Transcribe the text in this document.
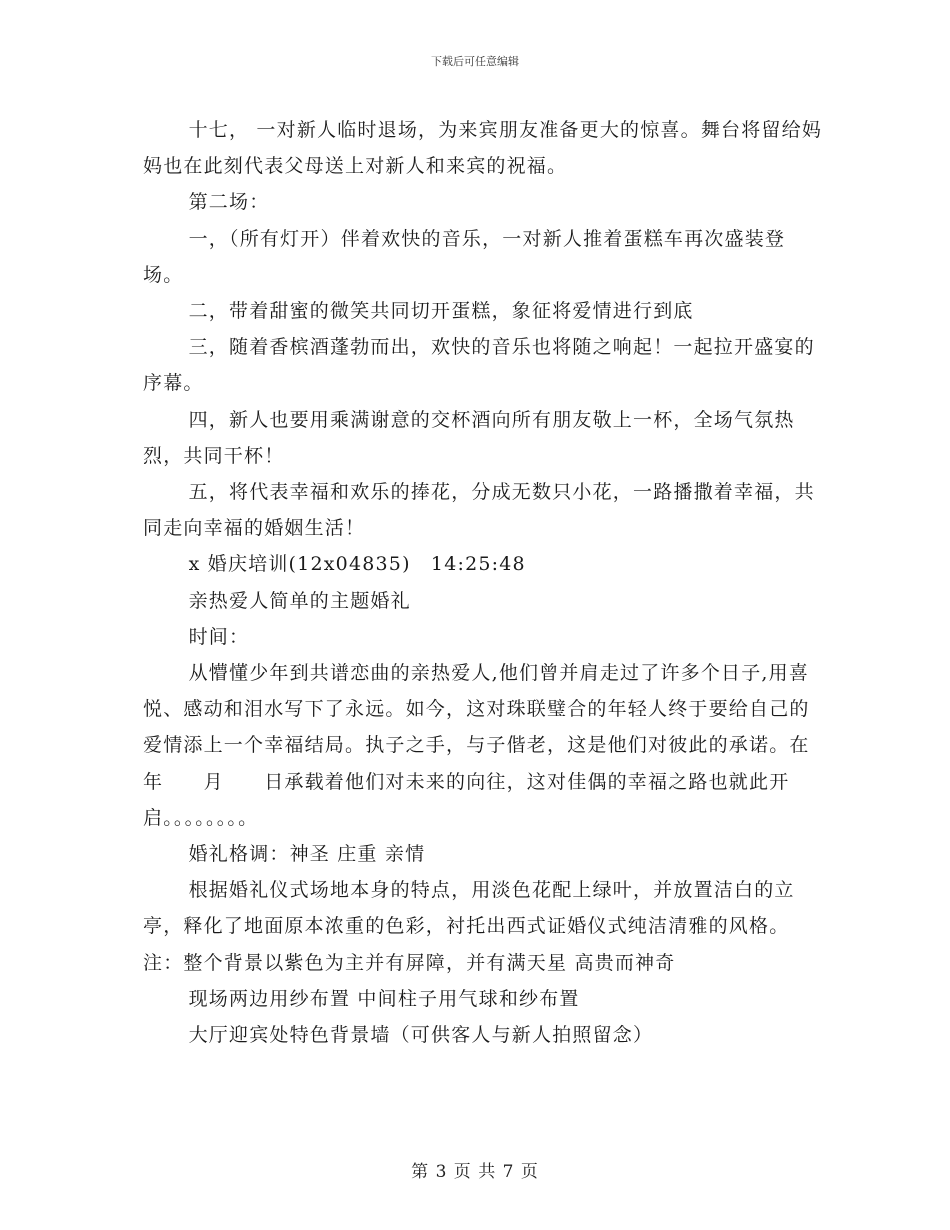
下载后可任意编辑

十七， 一对新人临时退场，为来宾朋友准备更大的惊喜。舞台将留给妈妈也在此刻代表父母送上对新人和来宾的祝福。

第二场：

一，（所有灯开）伴着欢快的音乐，一对新人推着蛋糕车再次盛装登场。

二，带着甜蜜的微笑共同切开蛋糕，象征将爱情进行到底

三，随着香槟酒蓬勃而出，欢快的音乐也将随之响起！一起拉开盛宴的序幕。

四，新人也要用乘满谢意的交杯酒向所有朋友敬上一杯，全场气氛热烈，共同干杯！

五，将代表幸福和欢乐的捧花，分成无数只小花，一路播撒着幸福，共同走向幸福的婚姻生活！

x 婚庆培训(12x04835)　14:25:48

亲热爱人简单的主题婚礼

时间：

从懵懂少年到共谱恋曲的亲热爱人,他们曾并肩走过了许多个日子,用喜悦、感动和泪水写下了永远。如今，这对珠联璧合的年轻人终于要给自己的爱情添上一个幸福结局。执子之手，与子偕老，这是他们对彼此的承诺。在　　　年　　月　　日承载着他们对未来的向往，这对佳偶的幸福之路也就此开启。。。。。。。。

婚礼格调：神圣 庄重 亲情

根据婚礼仪式场地本身的特点，用淡色花配上绿叶，并放置洁白的立亭，释化了地面原本浓重的色彩，衬托出西式证婚仪式纯洁清雅的风格。注：整个背景以紫色为主并有屏障，并有满天星 高贵而神奇

现场两边用纱布置 中间柱子用气球和纱布置

大厅迎宾处特色背景墙（可供客人与新人拍照留念）

第 3 页 共 7 页
